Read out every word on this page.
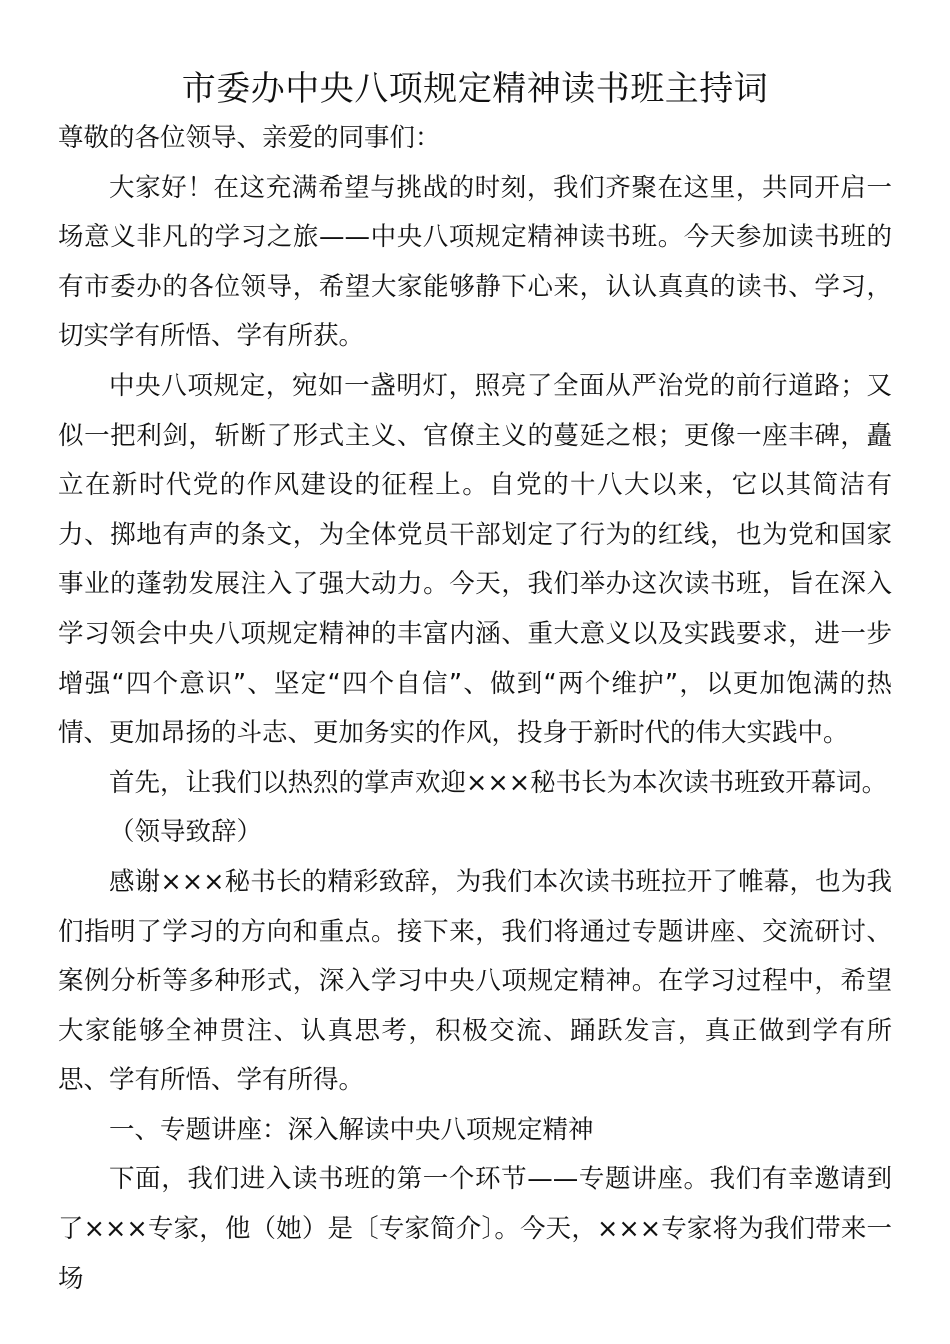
市委办中央八项规定精神读书班主持词

尊敬的各位领导、亲爱的同事们：

大家好！在这充满希望与挑战的时刻，我们齐聚在这里，共同开启一场意义非凡的学习之旅——中央八项规定精神读书班。今天参加读书班的有市委办的各位领导，希望大家能够静下心来，认认真真的读书、学习，切实学有所悟、学有所获。

中央八项规定，宛如一盏明灯，照亮了全面从严治党的前行道路；又似一把利剑，斩断了形式主义、官僚主义的蔓延之根；更像一座丰碑，矗立在新时代党的作风建设的征程上。自党的十八大以来，它以其简洁有力、掷地有声的条文，为全体党员干部划定了行为的红线，也为党和国家事业的蓬勃发展注入了强大动力。今天，我们举办这次读书班，旨在深入学习领会中央八项规定精神的丰富内涵、重大意义以及实践要求，进一步增强“四个意识”、坚定“四个自信”、做到“两个维护”，以更加饱满的热情、更加昂扬的斗志、更加务实的作风，投身于新时代的伟大实践中。

首先，让我们以热烈的掌声欢迎×××秘书长为本次读书班致开幕词。

（领导致辞）

感谢×××秘书长的精彩致辞，为我们本次读书班拉开了帷幕，也为我们指明了学习的方向和重点。接下来，我们将通过专题讲座、交流研讨、案例分析等多种形式，深入学习中央八项规定精神。在学习过程中，希望大家能够全神贯注、认真思考，积极交流、踊跃发言，真正做到学有所思、学有所悟、学有所得。

一、专题讲座：深入解读中央八项规定精神

下面，我们进入读书班的第一个环节——专题讲座。我们有幸邀请到了×××专家，他（她）是〔专家简介〕。今天，×××专家将为我们带来一场
